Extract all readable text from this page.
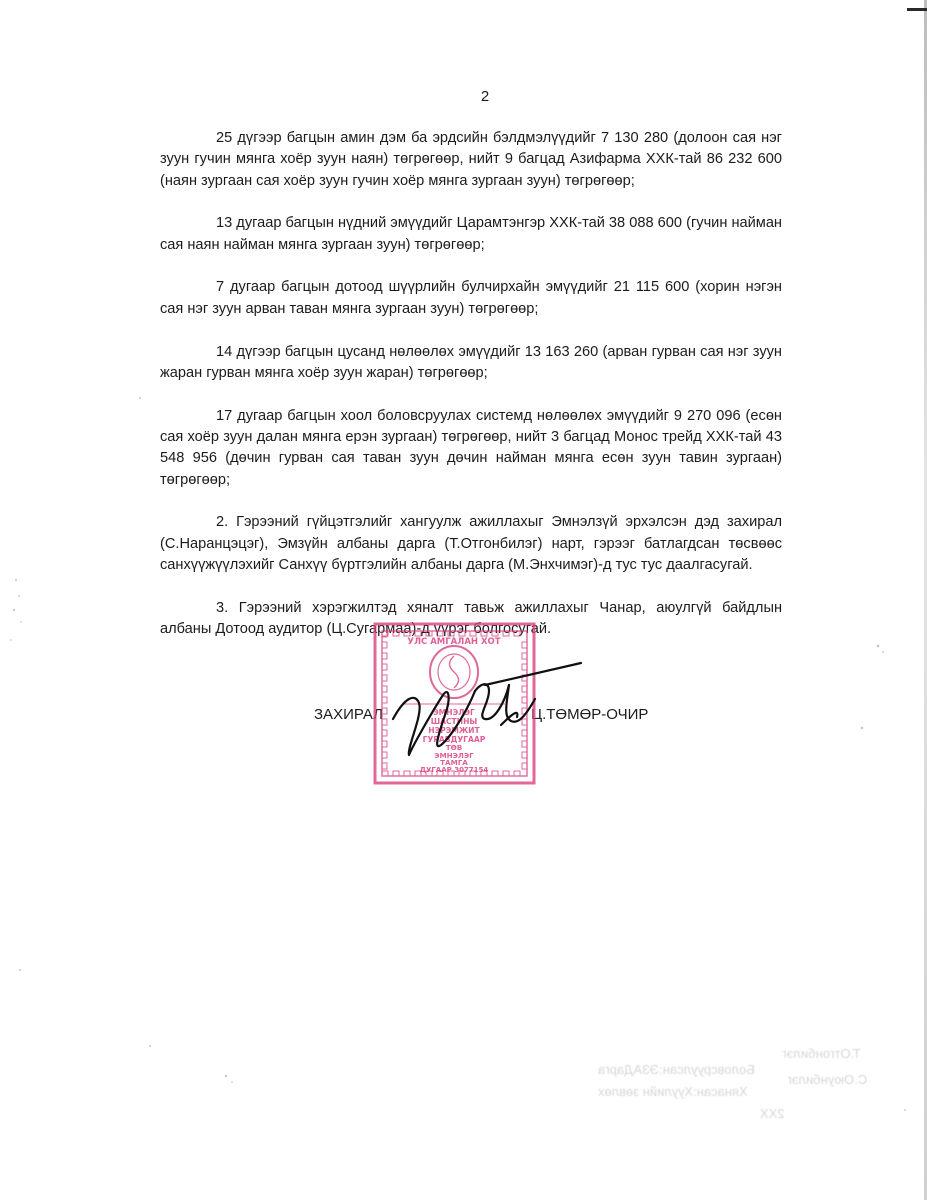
2

25 дүгээр багцын амин дэм ба эрдсийн бэлдмэлүүдийг 7 130 280 (долоон сая нэг зуун гучин мянга хоёр зуун наян) төгрөгөөр, нийт 9 багцад Азифарма ХХК-тай 86 232 600 (наян зургаан сая хоёр зуун гучин хоёр мянга зургаан зуун) төгрөгөөр;

13 дугаар багцын нүдний эмүүдийг Царамтэнгэр ХХК-тай 38 088 600 (гучин найман сая наян найман мянга зургаан зуун) төгрөгөөр;

7 дугаар багцын дотоод шүүрлийн булчирхайн эмүүдийг 21 115 600 (хорин нэгэн сая нэг зуун арван таван мянга зургаан зуун) төгрөгөөр;

14 дүгээр багцын цусанд нөлөөлөх эмүүдийг 13 163 260 (арван гурван сая нэг зуун жаран гурван мянга хоёр зуун жаран) төгрөгөөр;

17 дугаар багцын хоол боловсруулах системд нөлөөлөх эмүүдийг 9 270 096 (есөн сая хоёр зуун далан мянга ерэн зургаан) төгрөгөөр, нийт 3 багцад Монос трейд ХХК-тай 43 548 956 (дөчин гурван сая таван зуун дөчин найман мянга есөн зуун тавин зургаан) төгрөгөөр;

2. Гэрээний гүйцэтгэлийг хангуулж ажиллахыг Эмнэлзүй эрхэлсэн дэд захирал (С.Наранцэцэг), Эмзүйн албаны дарга (Т.Отгонбилэг) нарт, гэрээг батлагдсан төсвөөс санхүүжүүлэхийг Санхүү бүртгэлийн албаны дарга (М.Энхчимэг)-д тус тус даалгасугай.

3. Гэрээний хэрэгжилтэд хяналт тавьж ажиллахыг Чанар, аюулгүй байдлын албаны Дотоод аудитор (Ц.Сугармаа)-д үүрэг болгосугай.

ЗАХИРАЛ	Ц.ТӨМӨР-ОЧИР
УЛС АМГАЛАН ХОТ
ЭМНЭЛЭГ
ШАСТИНЫ
НЭРЭМЖИТ
ГУРАВДУГААР
ТӨВ
ЭМНЭЛЭГ
ТАМГА
ДУГААР 3077154
Боловсруулсан:ЭЗАДарга
Хянасан:Хуулийн зөвлөх
2ХХ
Т.Отгонбилэг
С.Оюунбилэг
